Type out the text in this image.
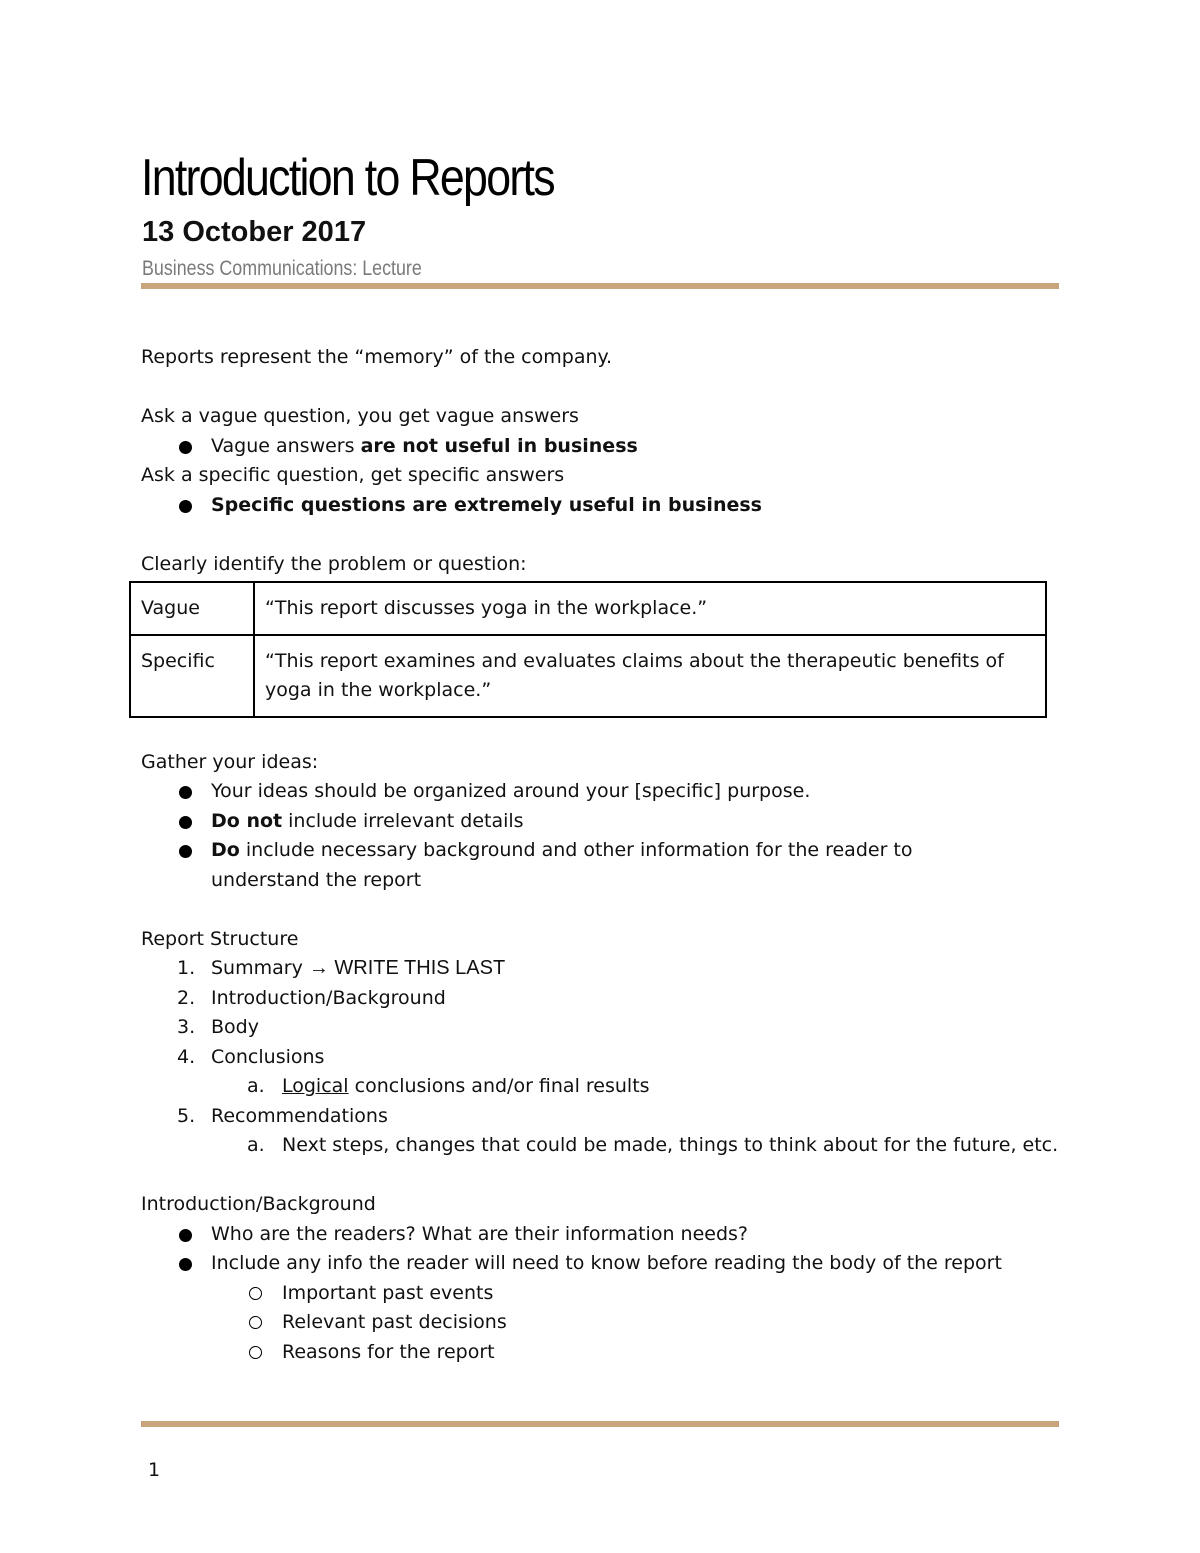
Introduction to Reports
13 October 2017
Business Communications: Lecture
Reports represent the “memory” of the company.
Ask a vague question, you get vague answers
Vague answers are not useful in business
Ask a specific question, get specific answers
Specific questions are extremely useful in business
Clearly identify the problem or question:
Vague	“This report discusses yoga in the workplace.”
Specific	“This report examines and evaluates claims about the therapeutic benefits of yoga in the workplace.”
Gather your ideas:
Your ideas should be organized around your [specific] purpose.
Do not include irrelevant details
Do include necessary background and other information for the reader to understand the report
Report Structure
1. Summary → WRITE THIS LAST
2. Introduction/Background
3. Body
4. Conclusions
a. Logical conclusions and/or final results
5. Recommendations
a. Next steps, changes that could be made, things to think about for the future, etc.
Introduction/Background
Who are the readers? What are their information needs?
Include any info the reader will need to know before reading the body of the report
Important past events
Relevant past decisions
Reasons for the report
1
